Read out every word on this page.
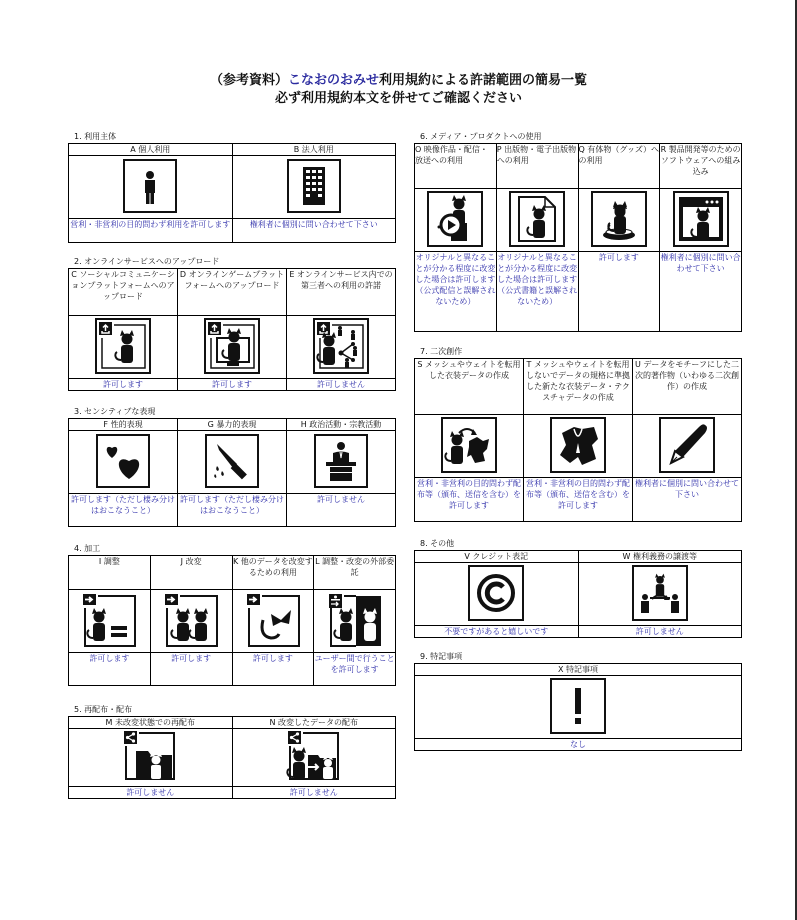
（参考資料）こなおのおみせ利用規約による許諾範囲の簡易一覧
必ず利用規約本文を併せてご確認ください
1. 利用主体
A 個人利用	B 法人利用

営利・非営利の目的問わず利用を許可します	権利者に個別に問い合わせて下さい
2. オンラインサービスへのアップロード
C ソーシャルコミュニケーションプラットフォームへのアップロード	D オンラインゲームプラットフォームへのアップロード	E オンラインサービス内での第三者への利用の許諾

許可します	許可します	許可しません
3. センシティブな表現
F 性的表現	G 暴力的表現	H 政治活動・宗教活動

許可します（ただし棲み分けはおこなうこと）	許可します（ただし棲み分けはおこなうこと）	許可しません
4. 加工
I 調整	J 改変	K 他のデータを改変するための利用	L 調整・改変の外部委託

許可します	許可します	許可します	ユーザー間で行うことを許可します
5. 再配布・配布
M 未改変状態での再配布	N 改変したデータの配布

許可しません	許可しません
6. メディア・プロダクトへの使用
O 映像作品・配信・放送への利用	P 出版物・電子出版物への利用	Q 有体物（グッズ）への利用	R 製品開発等のためのソフトウェアへの組み込み

オリジナルと異なることが分かる程度に改変した場合は許可します（公式配信と誤解されないため）	オリジナルと異なることが分かる程度に改変した場合は許可します（公式書籍と誤解されないため）	許可します	権利者に個別に問い合わせて下さい
7. 二次創作
S メッシュやウェイトを転用した衣装データの作成	T メッシュやウェイトを転用しないでデータの規格に準拠した新たな衣装データ・テクスチャデータの作成	U データをモチーフにした二次的著作物（いわゆる二次創作）の作成

営利・非営利の目的問わず配布等（頒布、送信を含む）を許可します	営利・非営利の目的問わず配布等（頒布、送信を含む）を許可します	権利者に個別に問い合わせて下さい
8. その他
V クレジット表記	W 権利義務の譲渡等

不要ですがあると嬉しいです	許可しません
9. 特記事項
X 特記事項

なし
